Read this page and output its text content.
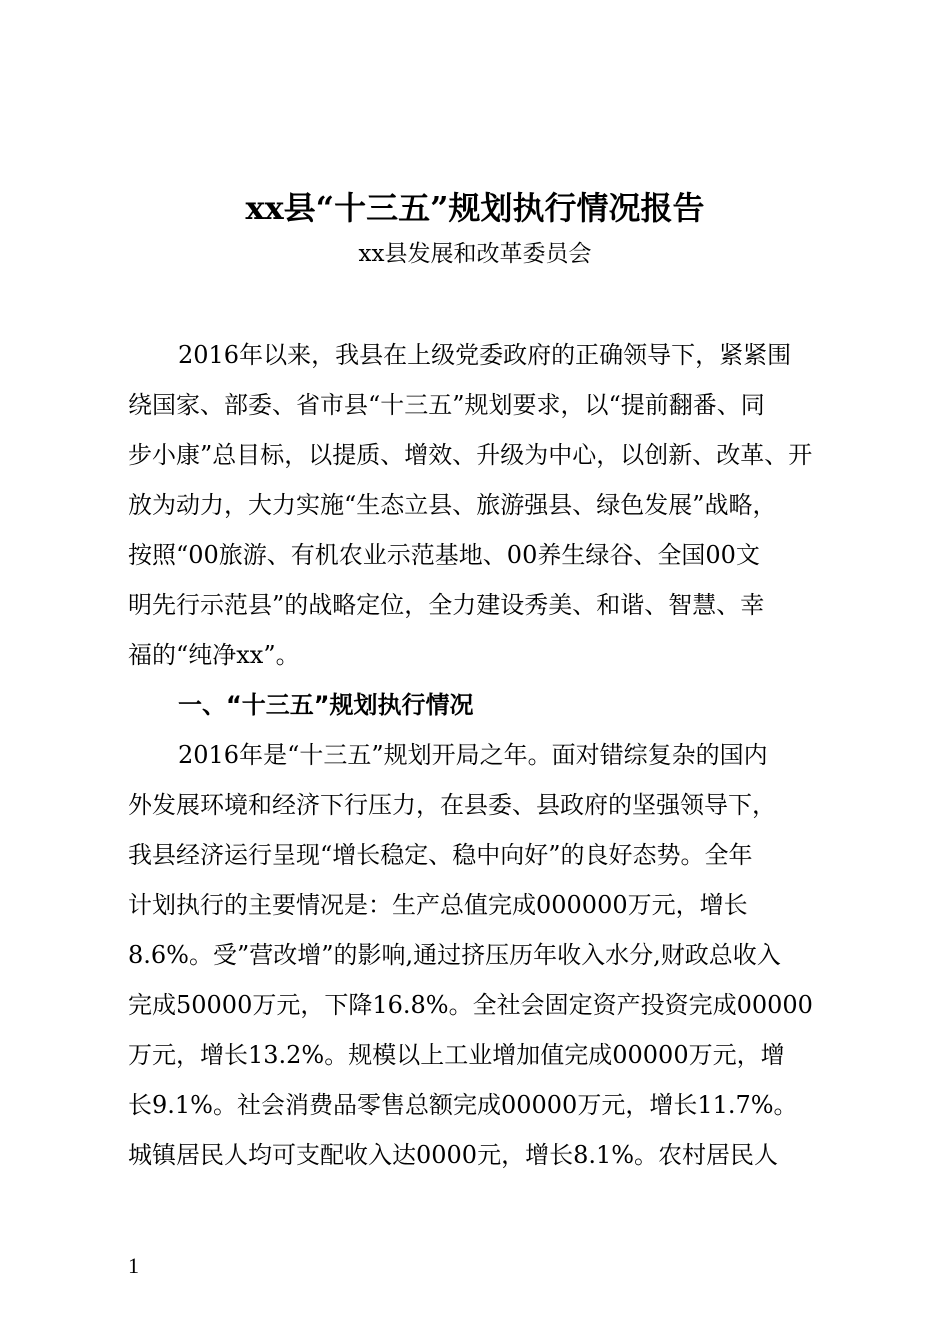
xx县“十三五”规划执行情况报告
xx县发展和改革委员会
2016年以来，我县在上级党委政府的正确领导下，紧紧围
绕国家、部委、省市县“十三五”规划要求，以“提前翻番、同
步小康”总目标，以提质、增效、升级为中心，以创新、改革、开
放为动力，大力实施“生态立县、旅游强县、绿色发展”战略，
按照“00旅游、有机农业示范基地、00养生绿谷、全国00文
明先行示范县”的战略定位，全力建设秀美、和谐、智慧、幸
福的“纯净xx”。
一、“十三五”规划执行情况
2016年是“十三五”规划开局之年。面对错综复杂的国内
外发展环境和经济下行压力，在县委、县政府的坚强领导下，
我县经济运行呈现“增长稳定、稳中向好”的良好态势。全年
计划执行的主要情况是：生产总值完成000000万元，增长
8.6%。受”营改增”的影响,通过挤压历年收入水分,财政总收入
完成50000万元，下降16.8%。全社会固定资产投资完成00000
万元，增长13.2%。规模以上工业增加值完成00000万元，增
长9.1%。社会消费品零售总额完成00000万元，增长11.7%。
城镇居民人均可支配收入达0000元，增长8.1%。农村居民人
1
